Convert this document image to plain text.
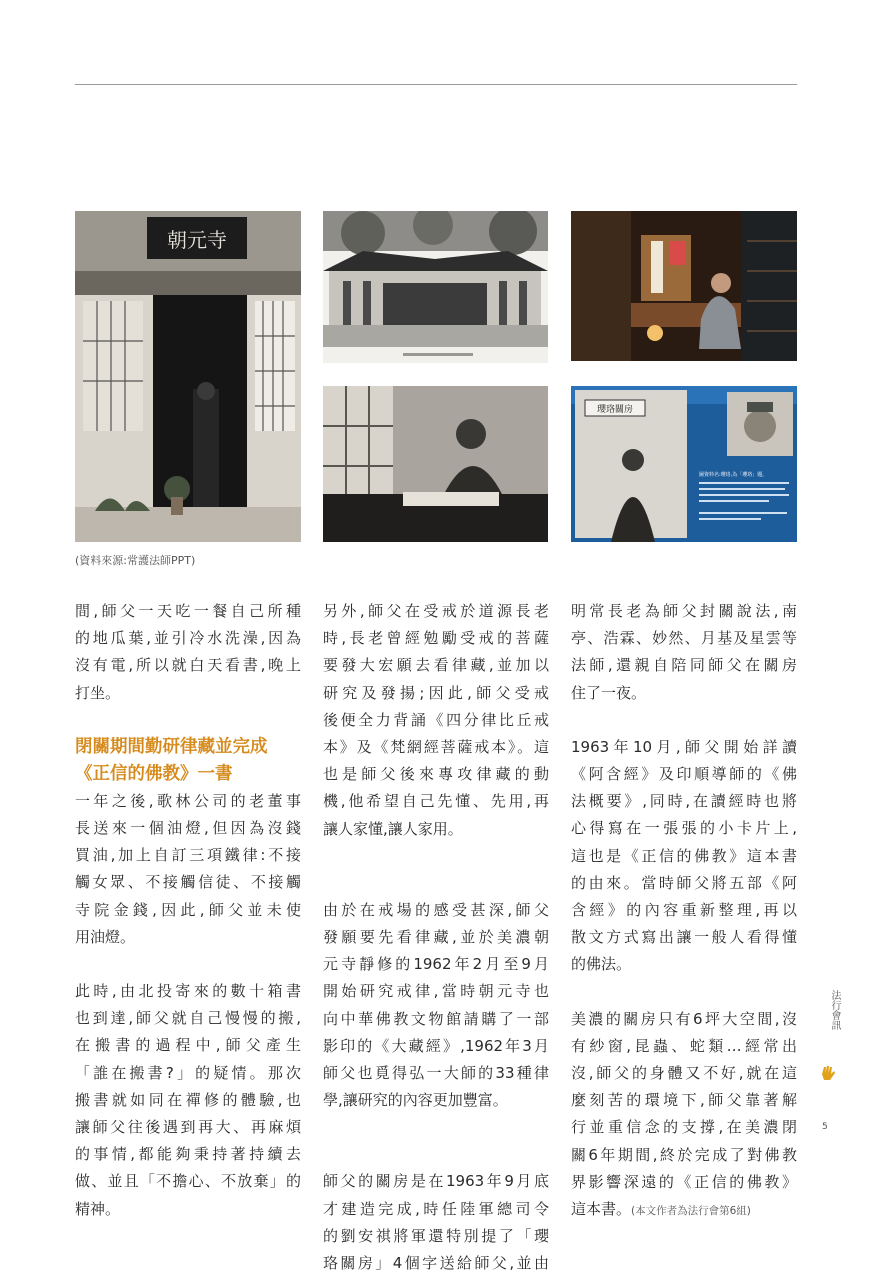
朝元寺
瓔珞關房
圖資料名:瓔珞,為「瓔珞」題。
(資料來源:常護法師PPT)

間,師父一天吃一餐自己所種

的地瓜葉,並引冷水洗澡,因為

沒有電,所以就白天看書,晚上

打坐。

閉關期間勤研律藏並完成
《正信的佛教》一書

一年之後,歌林公司的老董事

長送來一個油燈,但因為沒錢

買油,加上自訂三項鐵律:不接

觸女眾、不接觸信徒、不接觸

寺院金錢,因此,師父並未使

用油燈。

此時,由北投寄來的數十箱書

也到達,師父就自己慢慢的搬,

在搬書的過程中,師父產生

「誰在搬書?」的疑情。那次

搬書就如同在禪修的體驗,也

讓師父往後遇到再大、再麻煩

的事情,都能夠秉持著持續去

做、並且「不擔心、不放棄」的

精神。

另外,師父在受戒於道源長老

時,長老曾經勉勵受戒的菩薩

要發大宏願去看律藏,並加以

研究及發揚;因此,師父受戒

後便全力背誦《四分律比丘戒

本》及《梵網經菩薩戒本》。這

也是師父後來專攻律藏的動

機,他希望自己先懂、先用,再

讓人家懂,讓人家用。

由於在戒場的感受甚深,師父

發願要先看律藏,並於美濃朝

元寺靜修的1962年2月至9月

開始研究戒律,當時朝元寺也

向中華佛教文物館請購了一部

影印的《大藏經》,1962年3月

師父也覓得弘一大師的33種律

學,讓研究的內容更加豐富。

師父的關房是在1963年9月底

才建造完成,時任陸軍總司令

的劉安祺將軍還特別提了「瓔

珞關房」4個字送給師父,並由

明常長老為師父封關說法,南

亭、浩霖、妙然、月基及星雲等

法師,還親自陪同師父在關房

住了一夜。

1963年10月,師父開始詳讀

《阿含經》及印順導師的《佛

法概要》,同時,在讀經時也將

心得寫在一張張的小卡片上,

這也是《正信的佛教》這本書

的由來。當時師父將五部《阿

含經》的內容重新整理,再以

散文方式寫出讓一般人看得懂

的佛法。

美濃的關房只有6坪大空間,沒

有紗窗,昆蟲、蛇類…經常出

沒,師父的身體又不好,就在這

麼刻苦的環境下,師父靠著解

行並重信念的支撐,在美濃閉

關6年期間,終於完成了對佛教

界影響深遠的《正信的佛教》

這本書。(本文作者為法行會第6組)

法行會訊
5
